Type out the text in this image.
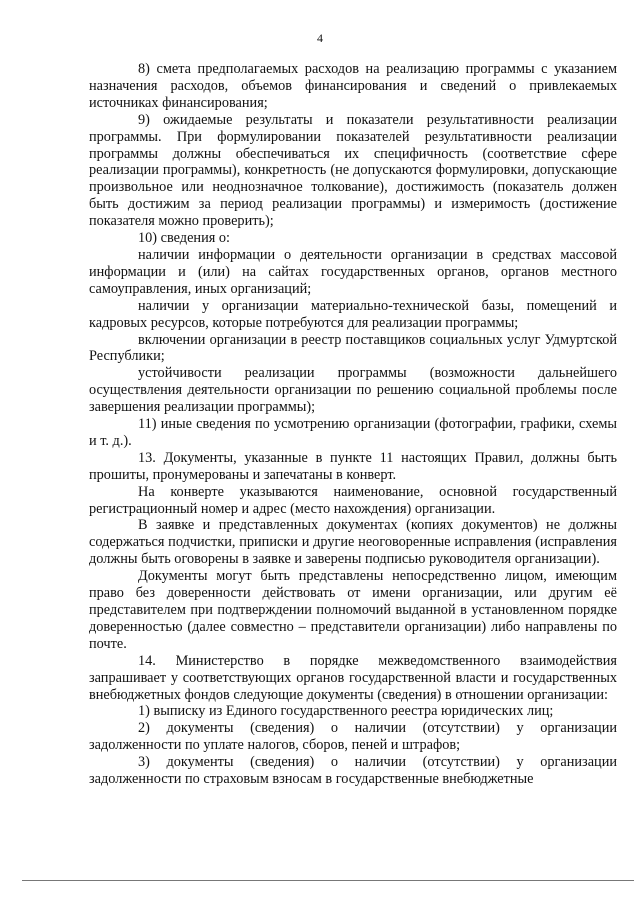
4

8) смета предполагаемых расходов на реализацию программы с указанием назначения расходов, объемов финансирования и сведений о привлекаемых источниках финансирования;

9) ожидаемые результаты и показатели результативности реализации программы. При формулировании показателей результативности реализации программы должны обеспечиваться их специфичность (соответствие сфере реализации программы), конкретность (не допускаются формулировки, допускающие произвольное или неоднозначное толкование), достижимость (показатель должен быть достижим за период реализации программы) и измеримость (достижение показателя можно проверить);

10) сведения о:

наличии информации о деятельности организации в средствах массовой информации и (или) на сайтах государственных органов, органов местного самоуправления, иных организаций;

наличии у организации материально-технической базы, помещений и кадровых ресурсов, которые потребуются для реализации программы;

включении организации в реестр поставщиков социальных услуг Удмуртской Республики;

устойчивости реализации программы (возможности дальнейшего осуществления деятельности организации по решению социальной проблемы после завершения реализации программы);

11) иные сведения по усмотрению организации (фотографии, графики, схемы и т. д.).

13. Документы, указанные в пункте 11 настоящих Правил, должны быть прошиты, пронумерованы и запечатаны в конверт.

На конверте указываются наименование, основной государственный регистрационный номер и адрес (место нахождения) организации.

В заявке и представленных документах (копиях документов) не должны содержаться подчистки, приписки и другие неоговоренные исправления (исправления должны быть оговорены в заявке и заверены подписью руководителя организации).

Документы могут быть представлены непосредственно лицом, имеющим право без доверенности действовать от имени организации, или другим её представителем при подтверждении полномочий выданной в установленном порядке доверенностью (далее совместно – представители организации) либо направлены по почте.

14. Министерство в порядке межведомственного взаимодействия запрашивает у соответствующих органов государственной власти и государственных внебюджетных фондов следующие документы (сведения) в отношении организации:

1) выписку из Единого государственного реестра юридических лиц;

2) документы (сведения) о наличии (отсутствии) у организации задолженности по уплате налогов, сборов, пеней и штрафов;

3) документы (сведения) о наличии (отсутствии) у организации задолженности по страховым взносам в государственные внебюджетные
